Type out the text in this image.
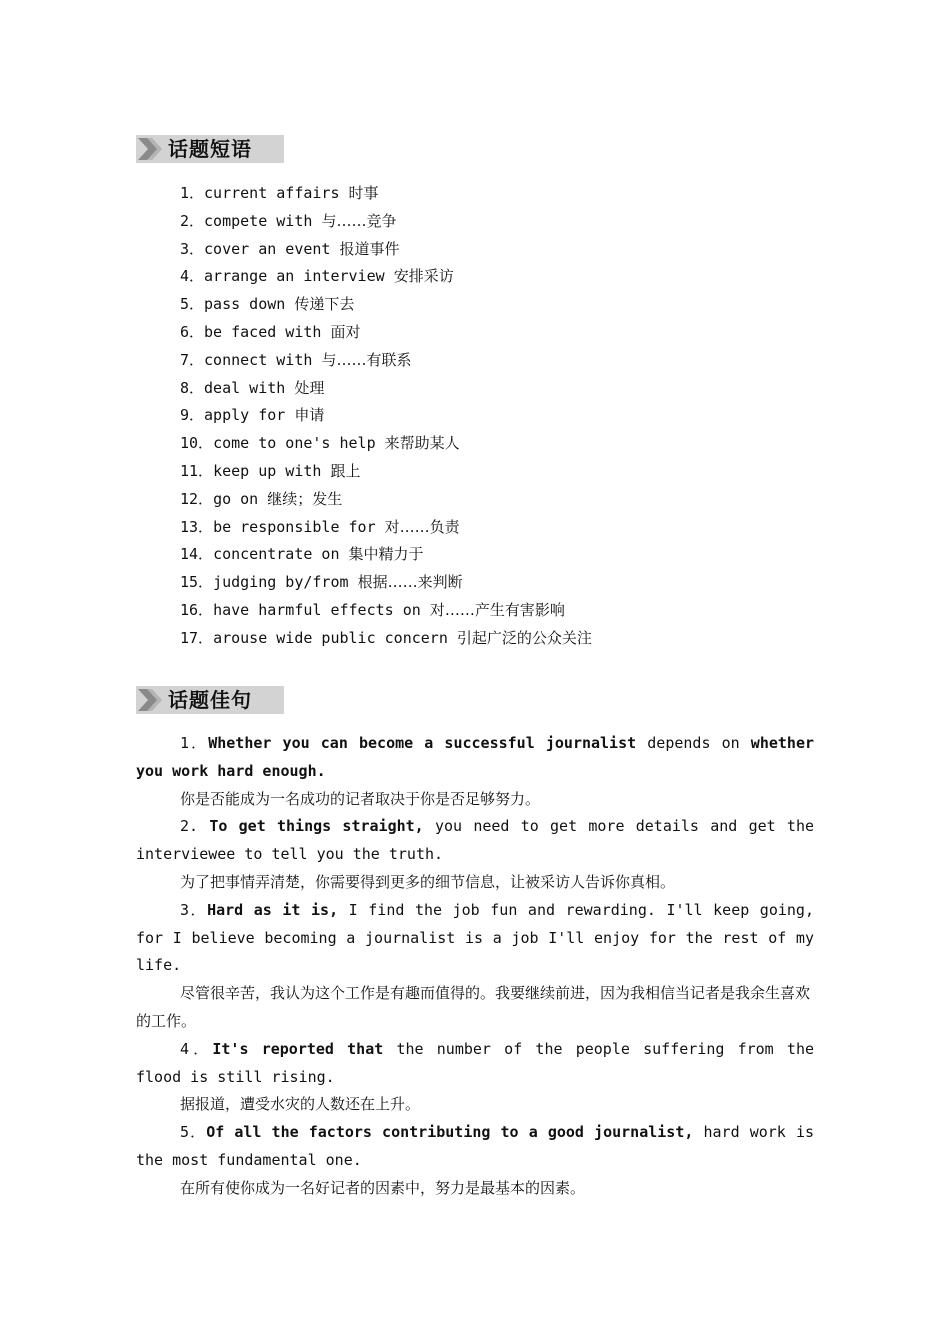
话题短语
1．current affairs 时事
2．compete with 与……竞争
3．cover an event 报道事件
4．arrange an interview 安排采访
5．pass down 传递下去
6．be faced with 面对
7．connect with 与……有联系
8．deal with 处理
9．apply for 申请
10．come to one's help 来帮助某人
11．keep up with 跟上
12．go on 继续；发生
13．be responsible for 对……负责
14．concentrate on 集中精力于
15．judging by/from 根据……来判断
16．have harmful effects on 对……产生有害影响
17．arouse wide public concern 引起广泛的公众关注
话题佳句

1．Whether you can become a successful journalist depends on whether you work hard enough.

你是否能成为一名成功的记者取决于你是否足够努力。

2. To get things straight, you need to get more details and get the interviewee to tell you the truth.

为了把事情弄清楚，你需要得到更多的细节信息，让被采访人告诉你真相。

3．Hard as it is, I find the job fun and rewarding. I'll keep going, for I believe becoming a journalist is a job I'll enjoy for the rest of my life.

尽管很辛苦，我认为这个工作是有趣而值得的。我要继续前进，因为我相信当记者是我余生喜欢的工作。

4．It's reported that the number of the people suffering from the flood is still rising.

据报道，遭受水灾的人数还在上升。

5．Of all the factors contributing to a good journalist, hard work is the most fundamental one.

在所有使你成为一名好记者的因素中，努力是最基本的因素。
